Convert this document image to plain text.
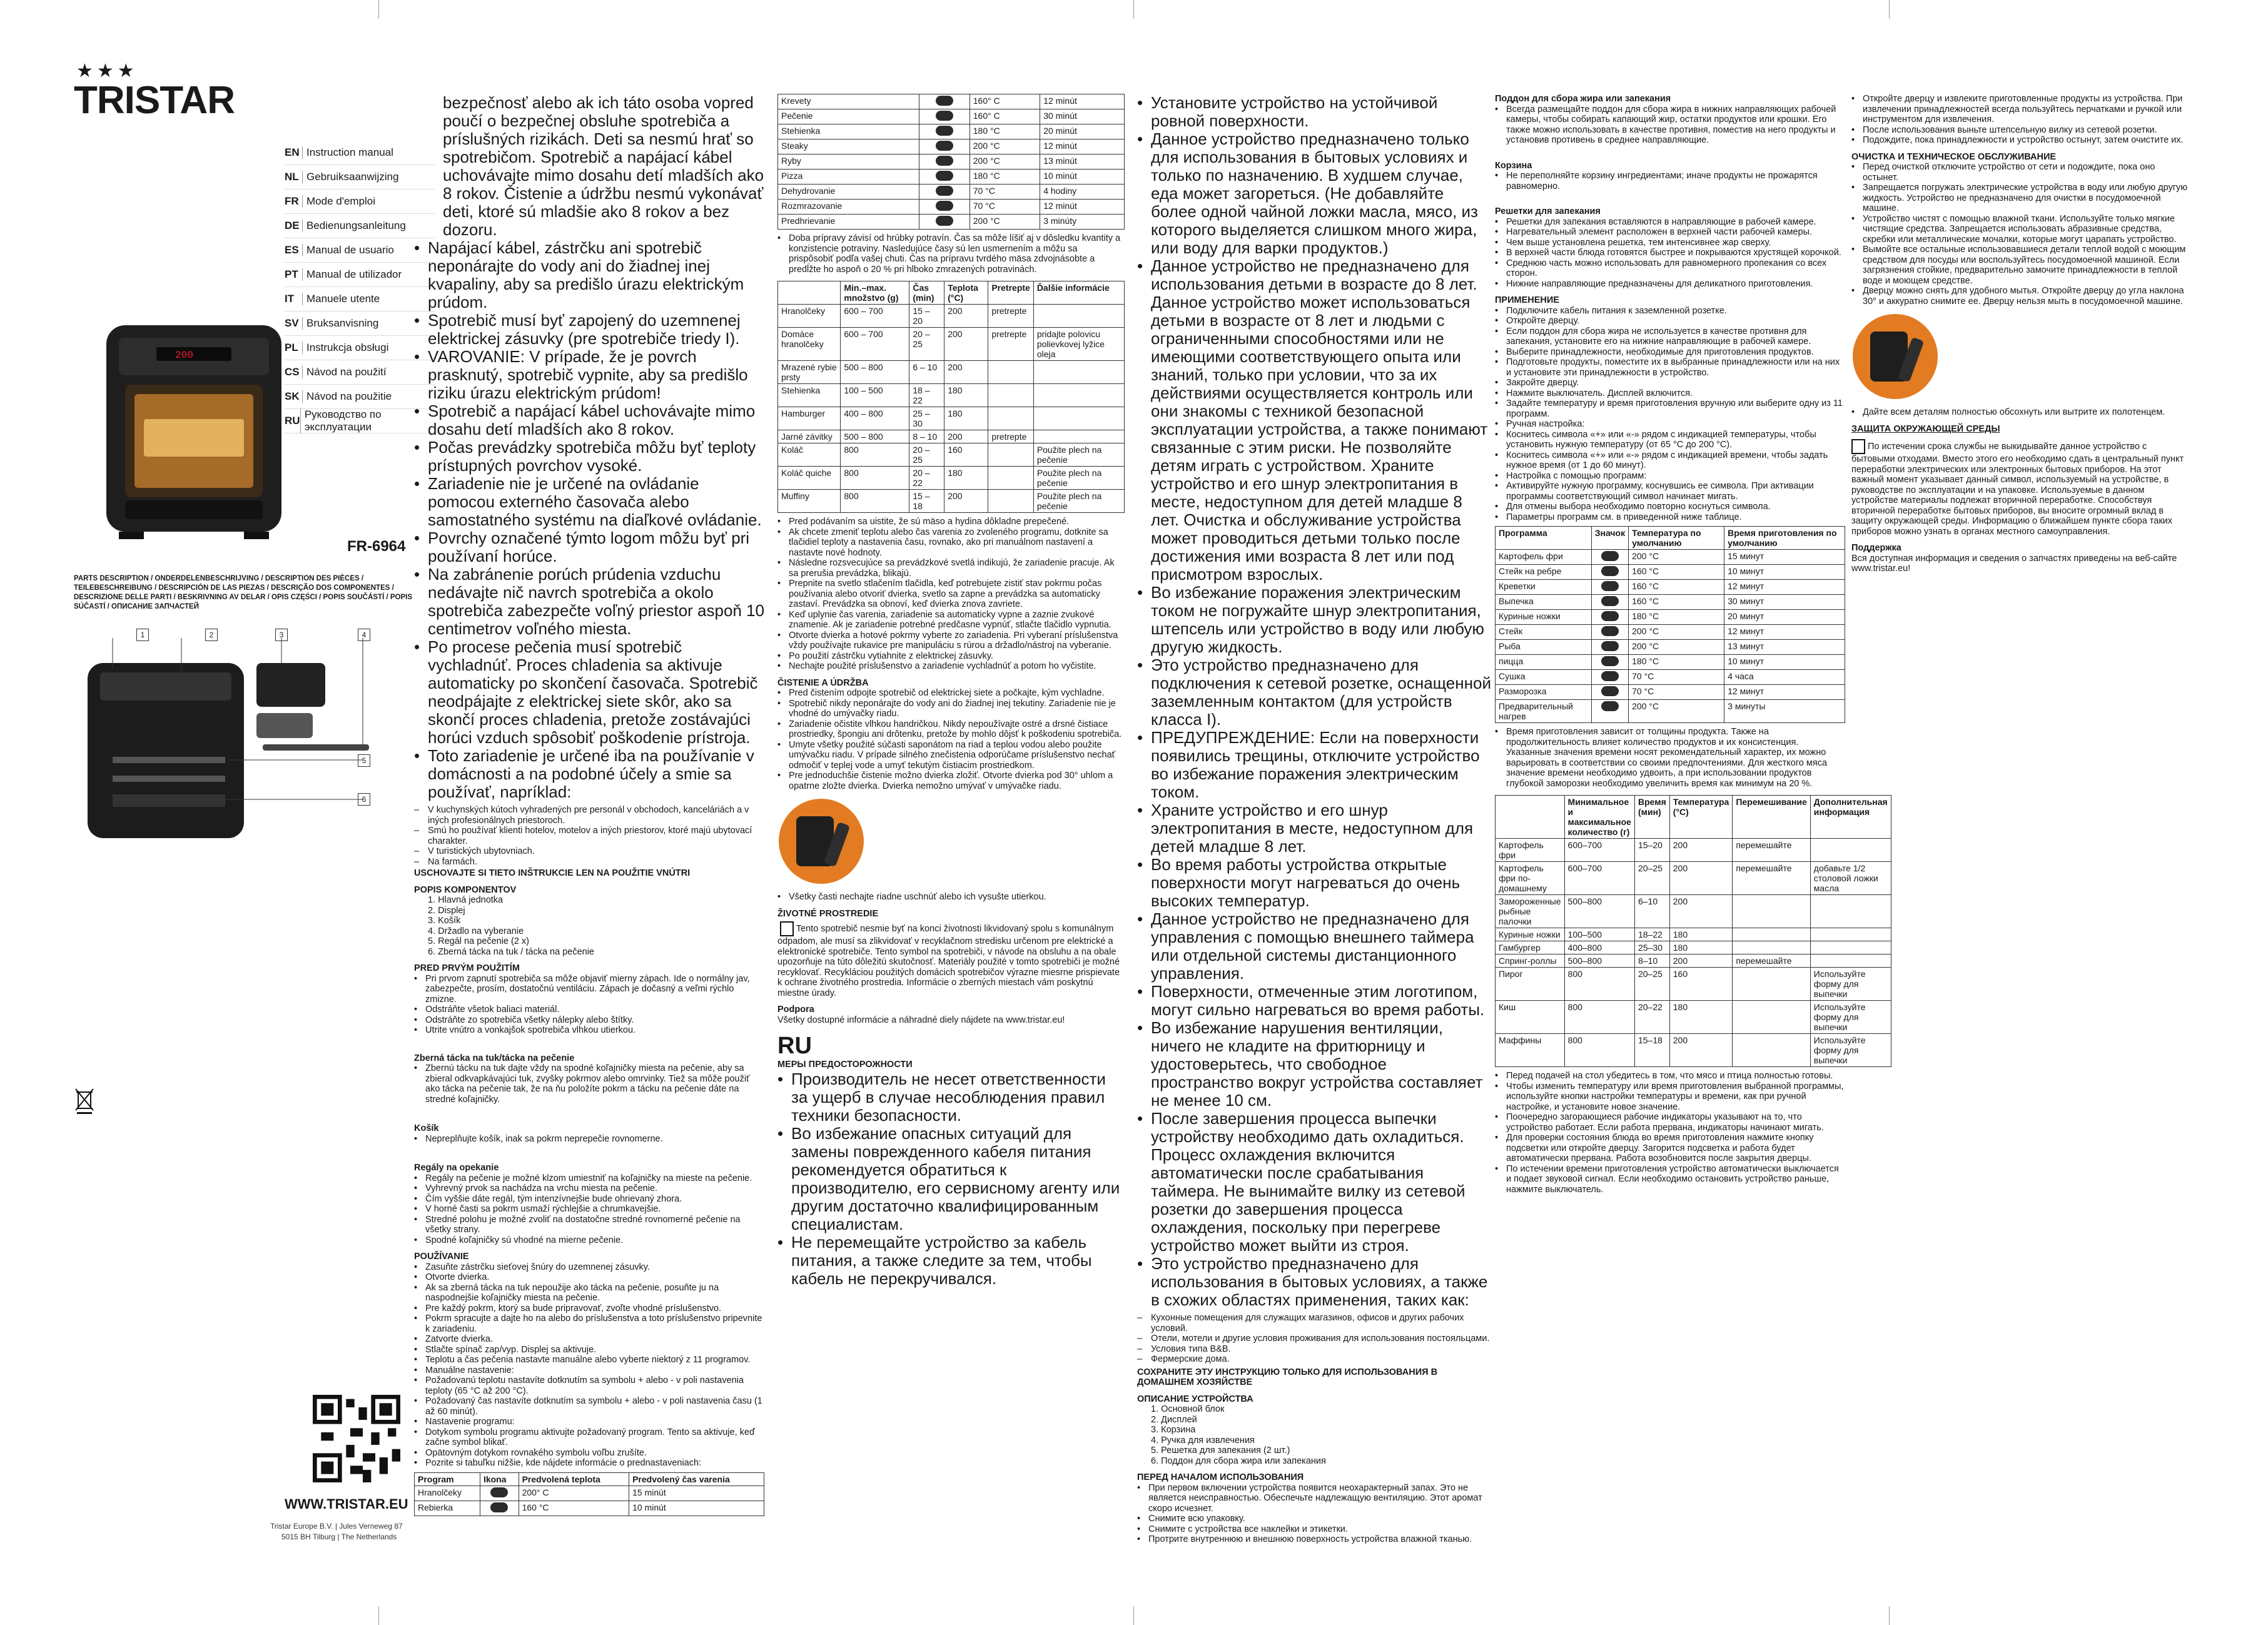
★★★
TRISTAR
EN Instruction manual
NL Gebruiksaanwijzing
FR Mode d'emploi
DE Bedienungsanleitung
ES Manual de usuario
PT Manual de utilizador
IT	Manuele utente
SV Bruksanvisning
PL Instrukcja obsługi
CS Návod na použití
SK Návod na použitie
RU
Руководство по эксплуатации
200
FR-6964
PARTS DESCRIPTION / ONDERDELENBESCHRIJVING / DESCRIPTION DES PIÈCES / TEILEBESCHREIBUNG / DESCRIPCIÓN DE LAS PIEZAS / DESCRIÇÃO DOS COMPONENTES / DESCRIZIONE DELLE PARTI / BESKRIVNING AV DELAR / OPIS CZĘŚCI / POPIS SOUČÁSTÍ / POPIS SÚČASTÍ / ОПИСАНИЕ ЗАПЧАСТЕЙ
1	2	3	4
5
6
WWW.TRISTAR.EU
Tristar Europe B.V. | Jules Verneweg 87
5015 BH Tilburg | The Netherlands
bezpečnosť alebo ak ich táto osoba vopred poučí o bezpečnej obsluhe spotrebiča a príslušných rizikách. Deti sa nesmú hrať so spotrebičom. Spotrebič a napájací kábel uchovávajte mimo dosahu detí mladších ako 8 rokov. Čistenie a údržbu nesmú vykonávať deti, ktoré sú mladšie ako 8 rokov a bez dozoru.
• Napájací kábel, zástrčku ani spotrebič neponárajte do vody ani do žiadnej inej kvapaliny, aby sa predišlo úrazu elektrickým prúdom.
• Spotrebič musí byť zapojený do uzemnenej elektrickej zásuvky (pre spotrebiče triedy I).
• VAROVANIE: V prípade, že je povrch prasknutý, spotrebič vypnite, aby sa predišlo riziku úrazu elektrickým prúdom!
• Spotrebič a napájací kábel uchovávajte mimo dosahu detí mladších ako 8 rokov.
• Počas prevádzky spotrebiča môžu byť teploty prístupných povrchov vysoké.
• Zariadenie nie je určené na ovládanie pomocou externého časovača alebo samostatného systému na diaľkové ovládanie.
• Povrchy označené týmto logom môžu byť pri používaní horúce.
• Na zabránenie porúch prúdenia vzduchu nedávajte nič navrch spotrebiča a okolo spotrebiča zabezpečte voľný priestor aspoň 10 centimetrov voľného miesta.
• Po procese pečenia musí spotrebič vychladnúť. Proces chladenia sa aktivuje automaticky po skončení časovača. Spotrebič neodpájajte z elektrickej siete skôr, ako sa skončí proces chladenia, pretože zostávajúci horúci vzduch spôsobiť poškodenie prístroja.
• Toto zariadenie je určené iba na používanie v domácnosti a na podobné účely a smie sa používať, napríklad:
– V kuchynských kútoch vyhradených pre personál v obchodoch, kanceláriách a v iných profesionálnych priestoroch.
– Smú ho používať klienti hotelov, motelov a iných priestorov, ktoré majú ubytovací charakter.
– V turistických ubytovniach.
– Na farmách.
USCHOVAJTE SI TIETO INŠTRUKCIE LEN NA POUŽITIE VNÚTRI
POPIS KOMPONENTOV
1. Hlavná jednotka
2. Displej
3. Košík
4. Držadlo na vyberanie
5. Regál na pečenie (2 x)
6. Zberná tácka na tuk / tácka na pečenie
PRED PRVÝM POUŽITÍM
• Pri prvom zapnutí spotrebiča sa môže objaviť mierny zápach. Ide o normálny jav, zabezpečte, prosím, dostatočnú ventiláciu. Zápach je dočasný a veľmi rýchlo zmizne.
• Odstráňte všetok baliaci materiál.
• Odstráňte zo spotrebiča všetky nálepky alebo štítky.
• Utrite vnútro a vonkajšok spotrebiča vlhkou utierkou.
Zberná tácka na tuk/tácka na pečenie
• Zbernú tácku na tuk dajte vždy na spodné koľajničky miesta na pečenie, aby sa zbieral odkvapkávajúci tuk, zvyšky pokrmov alebo omrvinky. Tiež sa môže použiť ako tácka na pečenie tak, že na ňu položíte pokrm a tácku na pečenie dáte na stredné koľajničky.
Košík
• Nepreplňujte košík, inak sa pokrm neprepečie rovnomerne.
Regály na opekanie
• Regály na pečenie je možné klzom umiestniť na koľajničky na mieste na pečenie.
• Vyhrevný prvok sa nachádza na vrchu miesta na pečenie.
• Čím vyššie dáte regál, tým intenzívnejšie bude ohrievaný zhora.
• V horné časti sa pokrm usmaží rýchlejšie a chrumkavejšie.
• Stredné polohu je možné zvoliť na dostatočne stredné rovnomerné pečenie na všetky strany.
• Spodné koľajničky sú vhodné na mierne pečenie.
POUŽÍVANIE
• Zasuňte zástrčku sieťovej šnúry do uzemnenej zásuvky.
• Otvorte dvierka.
• Ak sa zberná tácka na tuk nepoužije ako tácka na pečenie, posuňte ju na naspodnejšie koľajničky miesta na pečenie.
• Pre každý pokrm, ktorý sa bude pripravovať, zvoľte vhodné príslušenstvo.
• Pokrm spracujte a dajte ho na alebo do príslušenstva a toto príslušenstvo pripevnite k zariadeniu.
• Zatvorte dvierka.
• Stlačte spínač zap/vyp. Displej sa aktivuje.
• Teplotu a čas pečenia nastavte manuálne alebo vyberte niektorý z 11 programov.
• Manuálne nastavenie:
• Požadovanú teplotu nastavíte dotknutím sa symbolu + alebo - v poli nastavenia teploty (65 °C až 200 °C).
• Požadovaný čas nastavíte dotknutím sa symbolu + alebo - v poli nastavenia času (1 až 60 minút).
• Nastavenie programu:
• Dotykom symbolu programu aktivujte požadovaný program. Tento sa aktivuje, keď začne symbol blikať.
• Opätovným dotykom rovnakého symbolu voľbu zrušíte.
• Pozrite si tabuľku nižšie, kde nájdete informácie o prednastaveniach:
Program	Ikona	Predvolená teplota	Predvolený čas varenia
Hranolčeky		200° C	15 minút
Rebierka		160 °C	10 minút
Krevety		160° C	12 minút
Pečenie		160° C	30 minút
Stehienka		180 °C	20 minút
Steaky		200 °C	12 minút
Ryby		200 °C	13 minút
Pizza		180 °C	10 minút
Dehydrovanie		70 °C	4 hodiny
Rozmrazovanie		70 °C	12 minút
Predhrievanie		200 °C	3 minúty
• Doba prípravy závisí od hrúbky potravín. Čas sa môže líšiť aj v dôsledku kvantity a konzistencie potraviny. Nasledujúce časy sú len usmernením a môžu sa prispôsobiť podľa vašej chuti. Čas na prípravu tvrdého mäsa zdvojnásobte a predĺžte ho aspoň o 20 % pri hlboko zmrazených potravinách.
	Min.–max. množstvo (g)	Čas (min)	Teplota (°C)	Pretrepte	Ďalšie informácie
Hranolčeky	600 – 700	15 – 20	200	pretrepte	
Domáce hranolčeky	600 – 700	20 – 25	200	pretrepte	pridajte polovicu polievkovej lyžice oleja
Mrazené rybie prsty	500 – 800	6 – 10	200		
Stehienka	100 – 500	18 – 22	180		
Hamburger	400 – 800	25 – 30	180		
Jarné závitky	500 – 800	8 – 10	200	pretrepte	
Koláč	800	20 – 25	160		Použite plech na pečenie
Koláč quiche	800	20 – 22	180		Použite plech na pečenie
Muffiny	800	15 – 18	200		Použite plech na pečenie
• Pred podávaním sa uistite, že sú mäso a hydina dôkladne prepečené.
• Ak chcete zmeniť teplotu alebo čas varenia zo zvoleného programu, dotknite sa tlačidiel teploty a nastavenia času, rovnako, ako pri manuálnom nastavení a nastavte nové hodnoty.
• Následne rozsvecujúce sa prevádzkové svetlá indikujú, že zariadenie pracuje. Ak sa prerušia prevádzka, blikajú.
• Prepnite na svetlo stlačením tlačidla, keď potrebujete zistiť stav pokrmu počas používania alebo otvoriť dvierka, svetlo sa zapne a prevádzka sa automaticky zastaví. Prevádzka sa obnoví, keď dvierka znova zavriete.
• Keď uplynie čas varenia, zariadenie sa automaticky vypne a zaznie zvukové znamenie. Ak je zariadenie potrebné predčasne vypnúť, stlačte tlačidlo vypnutia.
• Otvorte dvierka a hotové pokrmy vyberte zo zariadenia. Pri vyberaní príslušenstva vždy používajte rukavice pre manipuláciu s rúrou a držadlo/nástroj na vyberanie.
• Po použití zástrčku vytiahnite z elektrickej zásuvky.
• Nechajte použité príslušenstvo a zariadenie vychladnúť a potom ho vyčistite.
ČISTENIE A ÚDRŽBA
• Pred čistením odpojte spotrebič od elektrickej siete a počkajte, kým vychladne.
• Spotrebič nikdy neponárajte do vody ani do žiadnej inej tekutiny. Zariadenie nie je vhodné do umývačky riadu.
• Zariadenie očistite vlhkou handričkou. Nikdy nepoužívajte ostré a drsné čistiace prostriedky, špongiu ani drôtenku, pretože by mohlo dôjsť k poškodeniu spotrebiča.
• Umyte všetky použité súčasti saponátom na riad a teplou vodou alebo použite umývačku riadu. V prípade silného znečistenia odporúčame príslušenstvo nechať odmočiť v teplej vode a umyť tekutým čistiacim prostriedkom.
• Pre jednoduchšie čistenie možno dvierka zložiť. Otvorte dvierka pod 30° uhlom a opatrne zložte dvierka. Dvierka nemožno umývať v umývačke riadu.
• Všetky časti nechajte riadne uschnúť alebo ich vysušte utierkou.
ŽIVOTNÉ PROSTREDIE
Tento spotrebič nesmie byť na konci životnosti likvidovaný spolu s komunálnym odpadom, ale musí sa zlikvidovať v recyklačnom stredisku určenom pre elektrické a elektronické spotrebiče. Tento symbol na spotrebiči, v návode na obsluhu a na obale upozorňuje na túto dôležitú skutočnosť. Materiály použité v tomto spotrebiči je možné recyklovať. Recykláciou použitých domácich spotrebičov výrazne miesrne prispievate k ochrane životného prostredia. Informácie o zberných miestach vám poskytnú miestne úrady.
Podpora
Všetky dostupné informácie a náhradné diely nájdete na www.tristar.eu!
RU
МЕРЫ ПРЕДОСТОРОЖНОСТИ
• Производитель не несет ответственности за ущерб в случае несоблюдения правил техники безопасности.
• Во избежание опасных ситуаций для замены поврежденного кабеля питания рекомендуется обратиться к производителю, его сервисному агенту или другим достаточно квалифицированным специалистам.
• Не перемещайте устройство за кабель питания, а также следите за тем, чтобы кабель не перекручивался.
• Установите устройство на устойчивой ровной поверхности.
• Данное устройство предназначено только для использования в бытовых условиях и только по назначению. В худшем случае, еда может загореться. (Не добавляйте более одной чайной ложки масла, мясо, из которого выделяется слишком много жира, или воду для варки продуктов.)
• Данное устройство не предназначено для использования детьми в возрасте до 8 лет. Данное устройство может использоваться детьми в возрасте от 8 лет и людьми с ограниченными способностями или не имеющими соответствующего опыта или знаний, только при условии, что за их действиями осуществляется контроль или они знакомы с техникой безопасной эксплуатации устройства, а также понимают связанные с этим риски. Не позволяйте детям играть с устройством. Храните устройство и его шнур электропитания в месте, недоступном для детей младше 8 лет. Очистка и обслуживание устройства может проводиться детьми только после достижения ими возраста 8 лет или под присмотром взрослых.
• Во избежание поражения электрическим током не погружайте шнур электропитания, штепсель или устройство в воду или любую другую жидкость.
• Это устройство предназначено для подключения к сетевой розетке, оснащенной заземленным контактом (для устройств класса I).
• ПРЕДУПРЕЖДЕНИЕ: Если на поверхности появились трещины, отключите устройство во избежание поражения электрическим током.
• Храните устройство и его шнур электропитания в месте, недоступном для детей младше 8 лет.
• Во время работы устройства открытые поверхности могут нагреваться до очень высоких температур.
• Данное устройство не предназначено для управления с помощью внешнего таймера или отдельной системы дистанционного управления.
• Поверхности, отмеченные этим логотипом, могут сильно нагреваться во время работы.
• Во избежание нарушения вентиляции, ничего не кладите на фритюрницу и удостоверьтесь, что свободное пространство вокруг устройства составляет не менее 10 см.
• После завершения процесса выпечки устройству необходимо дать охладиться. Процесс охлаждения включится автоматически после срабатывания таймера. Не вынимайте вилку из сетевой розетки до завершения процесса охлаждения, поскольку при перегреве устройство может выйти из строя.
• Это устройство предназначено для использования в бытовых условиях, а также в схожих областях применения, таких как:
– Кухонные помещения для служащих магазинов, офисов и других рабочих условий.
– Отели, мотели и другие условия проживания для использования постояльцами.
– Условия типа B&B.
– Фермерские дома.
СОХРАНИТЕ ЭТУ ИНСТРУКЦИЮ ТОЛЬКО ДЛЯ ИСПОЛЬЗОВАНИЯ В ДОМАШНЕМ ХОЗЯЙСТВЕ
ОПИСАНИЕ УСТРОЙСТВА
1. Основной блок
2. Дисплей
3. Корзина
4. Ручка для извлечения
5. Решетка для запекания (2 шт.)
6. Поддон для сбора жира или запекания
ПЕРЕД НАЧАЛОМ ИСПОЛЬЗОВАНИЯ
• При первом включении устройства появится неохарактерный запах. Это не является неисправностью. Обеспечьте надлежащую вентиляцию. Этот аромат скоро исчезнет.
• Снимите всю упаковку.
• Снимите с устройства все наклейки и этикетки.
• Протрите внутреннюю и внешнюю поверхность устройства влажной тканью.
Поддон для сбора жира или запекания
• Всегда размещайте поддон для сбора жира в нижних направляющих рабочей камеры, чтобы собирать капающий жир, остатки продуктов или крошки. Его также можно использовать в качестве противня, поместив на него продукты и установив противень в среднее направляющие.
Корзина
• Не переполняйте корзину ингредиентами; иначе продукты не прожарятся равномерно.
Решетки для запекания
• Решетки для запекания вставляются в направляющие в рабочей камере.
• Нагревательный элемент расположен в верхней части рабочей камеры.
• Чем выше установлена решетка, тем интенсивнее жар сверху.
• В верхней части блюда готовятся быстрее и покрываются хрустящей корочкой.
• Среднюю часть можно использовать для равномерного пропекания со всех сторон.
• Нижние направляющие предназначены для деликатного приготовления.
ПРИМЕНЕНИЕ
• Подключите кабель питания к заземленной розетке.
• Откройте дверцу.
• Если поддон для сбора жира не используется в качестве противня для запекания, установите его на нижние направляющие в рабочей камере.
• Выберите принадлежности, необходимые для приготовления продуктов.
• Подготовьте продукты, поместите их в выбранные принадлежности или на них и установите эти принадлежности в устройство.
• Закройте дверцу.
• Нажмите выключатель. Дисплей включится.
• Задайте температуру и время приготовления вручную или выберите одну из 11 программ.
• Ручная настройка:
• Коснитесь символа «+» или «-» рядом с индикацией температуры, чтобы установить нужную температуру (от 65 °C до 200 °C).
• Коснитесь символа «+» или «-» рядом с индикацией времени, чтобы задать нужное время (от 1 до 60 минут).
• Настройка с помощью программ:
• Активируйте нужную программу, коснувшись ее символа. При активации программы соответствующий символ начинает мигать.
• Для отмены выбора необходимо повторно коснуться символа.
• Параметры программ см. в приведенной ниже таблице.
Программа	Значок	Температура по умолчанию	Время приготовления по умолчанию
Картофель фри		200 °C	15 минут
Стейк на ребре		160 °C	10 минут
Креветки		160 °C	12 минут
Выпечка		160 °C	30 минут
Куриные ножки		180 °C	20 минут
Стейк		200 °C	12 минут
Рыба		200 °C	13 минут
пицца		180 °C	10 минут
Сушка		70 °C	4 часа
Разморозка		70 °C	12 минут
Предварительный нагрев		200 °C	3 минуты
• Время приготовления зависит от толщины продукта. Также на продолжительность влияет количество продуктов и их консистенция. Указанные значения времени носят рекомендательный характер, их можно варьировать в соответствии со своими предпочтениями. Для жесткого мяса значение времени необходимо удвоить, а при использовании продуктов глубокой заморозки необходимо увеличить время как минимум на 20 %.
	Минимальное и максимальное количество (г)	Время (мин)	Температура (°C)	Перемешивание	Дополнительная информация
Картофель фри	600–700	15–20	200	перемешайте	
Картофель фри по-домашнему	600–700	20–25	200	перемешайте	добавьте 1/2 столовой ложки масла
Замороженные рыбные палочки	500–800	6–10	200		
Куриные ножки	100–500	18–22	180		
Гамбургер	400–800	25–30	180		
Спринг-роллы	500–800	8–10	200	перемешайте	
Пирог	800	20–25	160		Используйте форму для выпечки
Киш	800	20–22	180		Используйте форму для выпечки
Маффины	800	15–18	200		Используйте форму для выпечки
• Перед подачей на стол убедитесь в том, что мясо и птица полностью готовы.
• Чтобы изменить температуру или время приготовления выбранной программы, используйте кнопки настройки температуры и времени, как при ручной настройке, и установите новое значение.
• Поочередно загорающиеся рабочие индикаторы указывают на то, что устройство работает. Если работа прервана, индикаторы начинают мигать.
• Для проверки состояния блюда во время приготовления нажмите кнопку подсветки или откройте дверцу. Загорится подсветка и работа будет автоматически прервана. Работа возобновится после закрытия дверцы.
• По истечении времени приготовления устройство автоматически выключается и подает звуковой сигнал. Если необходимо остановить устройство раньше, нажмите выключатель.
• Откройте дверцу и извлеките приготовленные продукты из устройства. При извлечении принадлежностей всегда пользуйтесь перчатками и ручкой или инструментом для извлечения.
• После использования выньте штепсельную вилку из сетевой розетки.
• Подождите, пока принадлежности и устройство остынут, затем очистите их.
ОЧИСТКА И ТЕХНИЧЕСКОЕ ОБСЛУЖИВАНИЕ
• Перед очисткой отключите устройство от сети и подождите, пока оно остынет.
• Запрещается погружать электрические устройства в воду или любую другую жидкость. Устройство не предназначено для очистки в посудомоечной машине.
• Устройство чистят с помощью влажной ткани. Используйте только мягкие чистящие средства. Запрещается использовать абразивные средства, скребки или металлические мочалки, которые могут царапать устройство.
• Вымойте все остальные использовавшиеся детали теплой водой с моющим средством для посуды или воспользуйтесь посудомоечной машиной. Если загрязнения стойкие, предварительно замочите принадлежности в теплой воде и моющем средстве.
• Дверцу можно снять для удобного мытья. Откройте дверцу до угла наклона 30° и аккуратно снимите ее. Дверцу нельзя мыть в посудомоечной машине.
• Дайте всем деталям полностью обсохнуть или вытрите их полотенцем.
ЗАЩИТА ОКРУЖАЮЩЕЙ СРЕДЫ
По истечении срока службы не выкидывайте данное устройство с бытовыми отходами. Вместо этого его необходимо сдать в центральный пункт переработки электрических или электронных бытовых приборов. На этот важный момент указывает данный символ, используемый на устройстве, в руководстве по эксплуатации и на упаковке. Используемые в данном устройстве материалы подлежат вторичной переработке. Способствуя вторичной переработке бытовых приборов, вы вносите огромный вклад в защиту окружающей среды. Информацию о ближайшем пункте сбора таких приборов можно узнать в органах местного самоуправления.
Поддержка
Вся доступная информация и сведения о запчастях приведены на веб-сайте www.tristar.eu!
